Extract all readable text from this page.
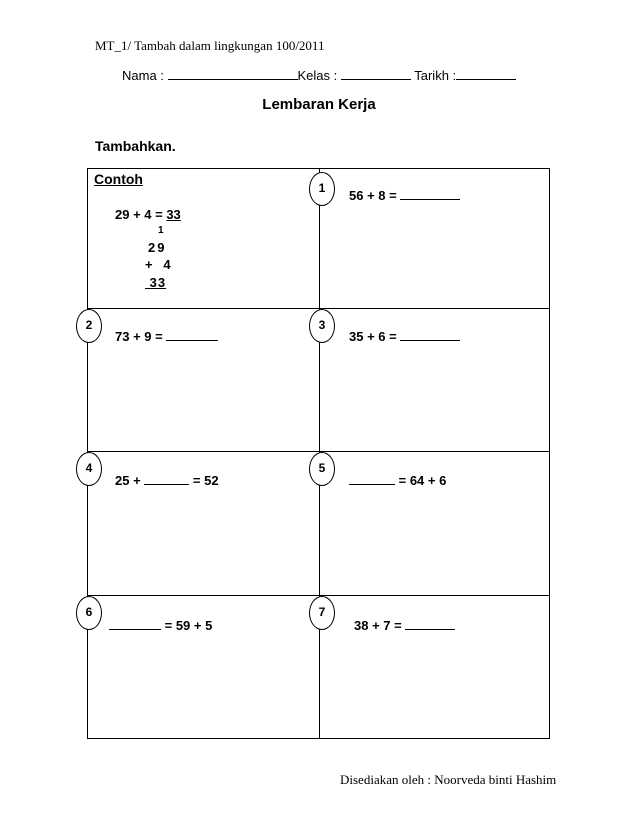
MT_1/ Tambah dalam lingkungan 100/2011
Nama :	Kelas :	Tarikh :
Lembaran Kerja
Tambahkan.
Contoh
29 + 4 = 33
1
29
+   4
33
1	56 + 8 =
2
73 + 9 =
3
35 + 6 =
4
25 +	= 52
5
= 64 + 6
6
= 59 + 5
7
38 + 7 =
Disediakan oleh : Noorveda binti Hashim
